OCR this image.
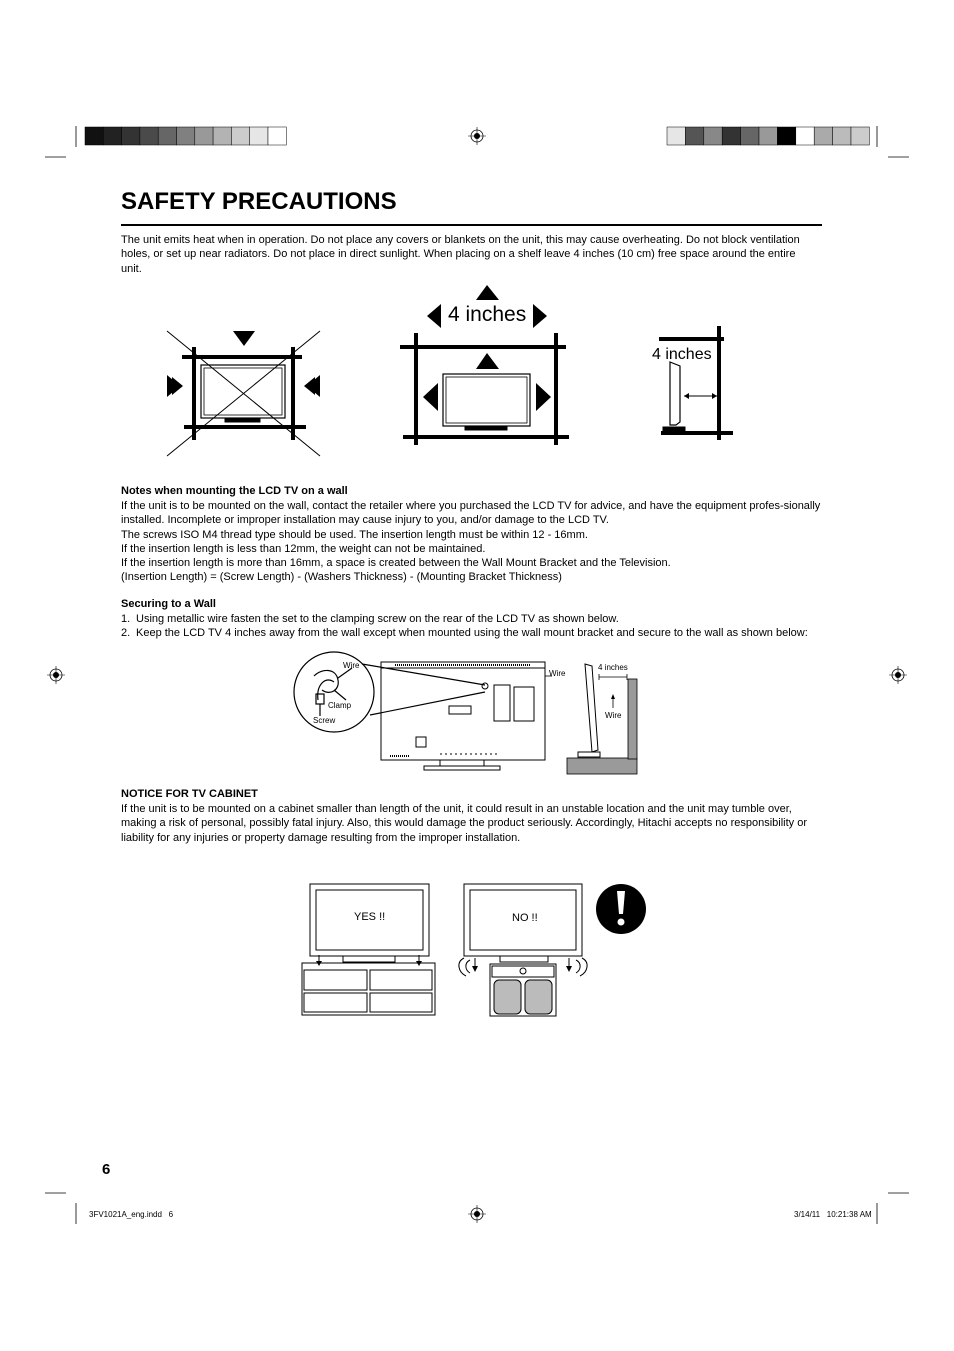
SAFETY PRECAUTIONS
The unit emits heat when in operation. Do not place any covers or blankets on the unit, this may cause overheating. Do not block ventilation holes, or set up near radiators. Do not place in direct sunlight. When placing on a shelf leave 4 inches (10 cm) free space around the entire unit.
4 inches
4 inches
Notes when mounting the LCD TV on a wall
If the unit is to be mounted on the wall, contact the retailer where you purchased the LCD TV for advice, and have the equipment profes-sionally installed. Incomplete or improper installation may cause injury to you, and/or damage to the LCD TV.
The screws ISO M4 thread type should be used. The insertion length must be within 12 - 16mm.
If the insertion length is less than 12mm, the weight can not be maintained.
If the insertion length is more than 16mm, a space is created between the Wall Mount Bracket and the Television.
(Insertion Length) = (Screw Length) - (Washers Thickness) - (Mounting Bracket Thickness)
Securing to a Wall
1. Using metallic wire fasten the set to the clamping screw on the rear of the LCD TV as shown below.
2. Keep the LCD TV 4 inches away from the wall except when mounted using the wall mount bracket and secure to the wall as shown below:
Wire
Clamp
Screw
Wire
4 inches
Wire
NOTICE FOR TV CABINET
If the unit is to be mounted on a cabinet smaller than length of the unit, it could result in an unstable location and the unit may tumble over, making a risk of personal, possibly fatal injury. Also, this would damage the product seriously. Accordingly, Hitachi accepts no responsibility or liability for any injuries or property damage resulting from the improper installation.
YES !!	NO !!
6
3FV1021A_eng.indd   6	3/14/11   10:21:38 AM
